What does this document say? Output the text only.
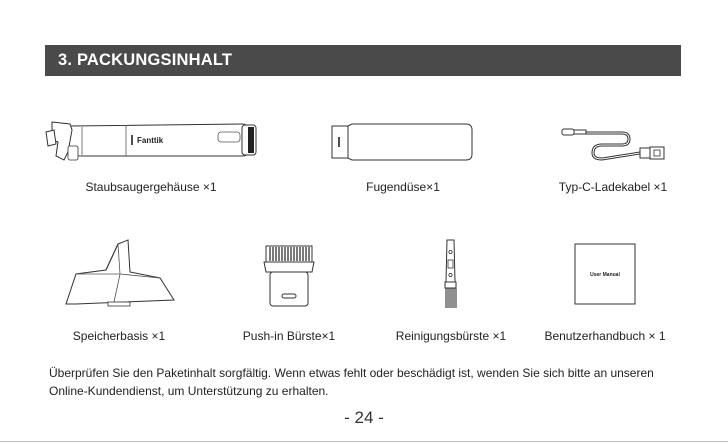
3. PACKUNGSINHALT
Fanttik
Staubsaugergehäuse ×1	Fugendüse×1	Typ-C-Ladekabel ×1
Speicherbasis ×1	Push-in Bürste×1	Reinigungsbürste ×1
User Manual
Benutzerhandbuch × 1
Überprüfen Sie den Paketinhalt sorgfältig. Wenn etwas fehlt oder beschädigt ist, wenden Sie sich bitte an unseren
Online-Kundendienst, um Unterstützung zu erhalten.
- 24 -
